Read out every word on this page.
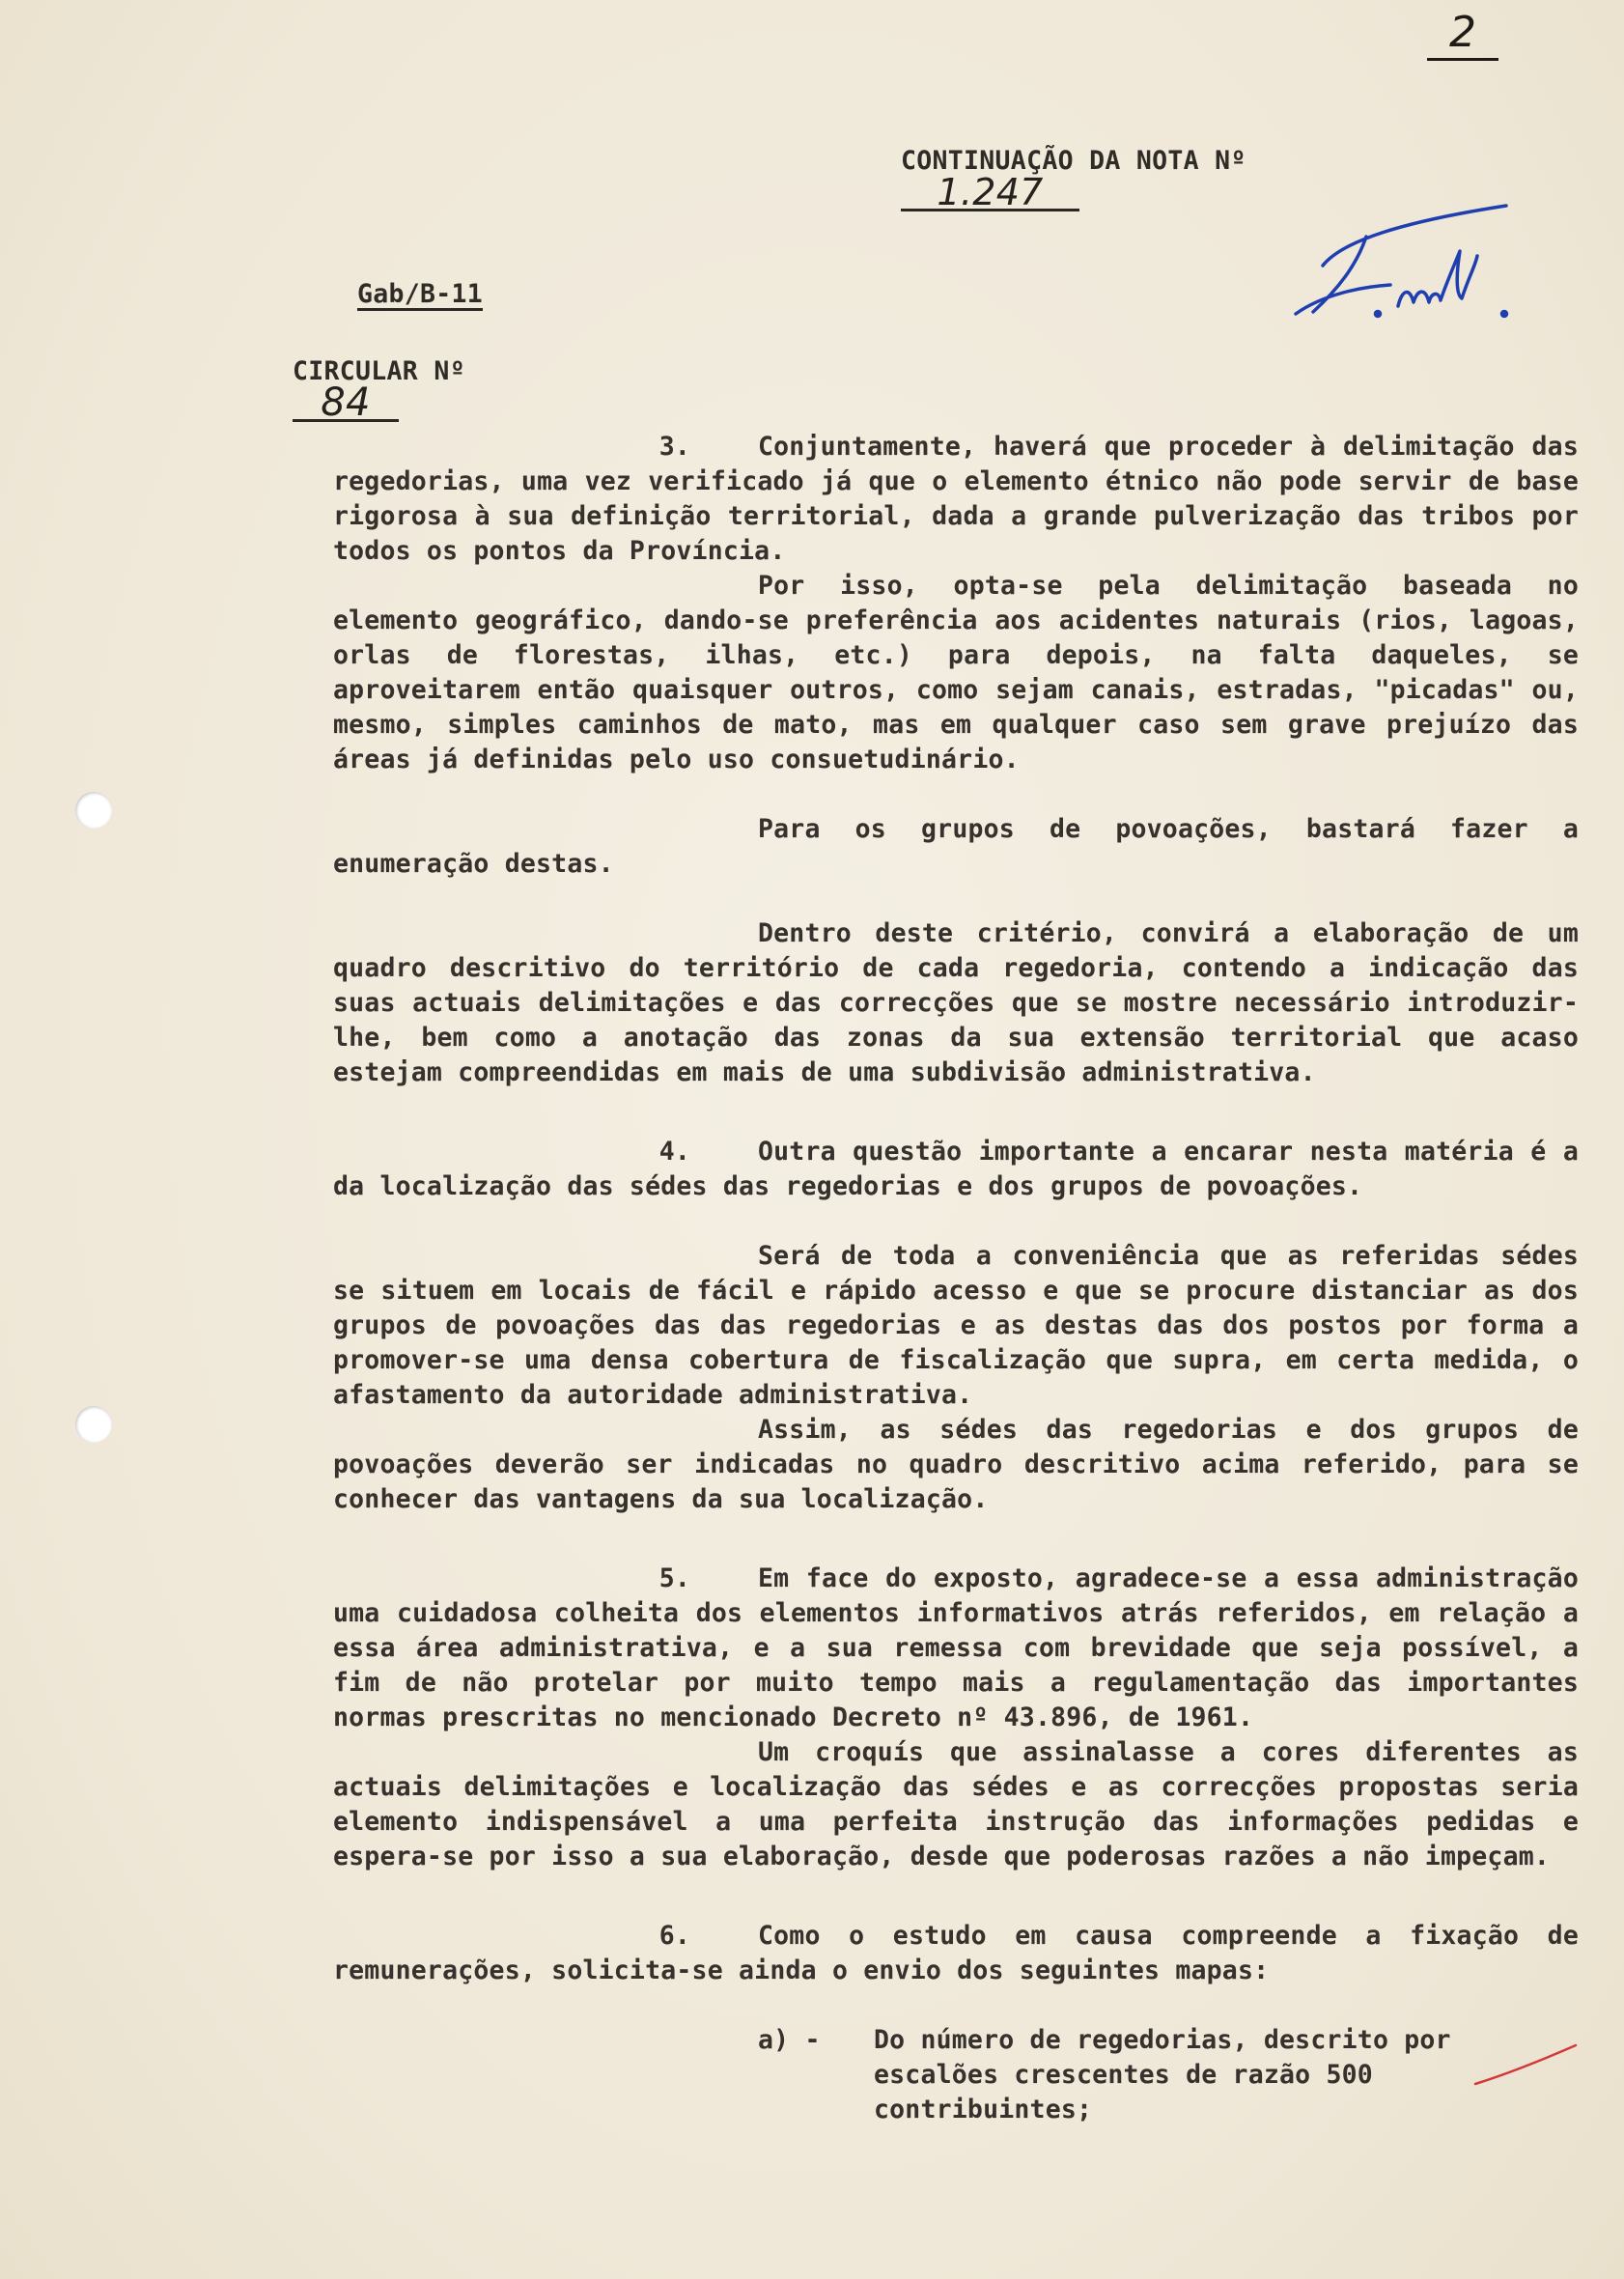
2

CONTINUAÇÃO DA NOTA Nº
1.247

Gab/B-11

CIRCULAR Nº
84

3.	Conjuntamente, haverá que proceder à delimitação das regedorias, uma vez verificado já que o elemento étnico não pode servir de base rigorosa à sua definição territorial, dada a grande pulverização das tribos por todos os pontos da Província.

Por isso, opta-se pela delimitação baseada no elemento geográfico, dando-se preferência aos acidentes naturais (rios, lagoas, orlas de florestas, ilhas, etc.) para depois, na falta daqueles, se aproveitarem então quaisquer outros, como sejam canais, estradas, "picadas" ou, mesmo, simples caminhos de mato, mas em qualquer caso sem grave prejuízo das áreas já definidas pelo uso consuetudinário.

Para os grupos de povoações, bastará fazer a enumeração destas.

Dentro deste critério, convirá a elaboração de um quadro descritivo do território de cada regedoria, contendo a indicação das suas actuais delimitações e das correcções que se mostre necessário introduzir-lhe, bem como a anotação das zonas da sua extensão territorial que acaso estejam compreendidas em mais de uma subdivisão administrativa.

4.	Outra questão importante a encarar nesta matéria é a da localização das sédes das regedorias e dos grupos de povoações.

Será de toda a conveniência que as referidas sédes se situem em locais de fácil e rápido acesso e que se procure distanciar as dos grupos de povoações das das regedorias e as destas das dos postos por forma a promover-se uma densa cobertura de fiscalização que supra, em certa medida, o afastamento da autoridade administrativa.

Assim, as sédes das regedorias e dos grupos de povoações deverão ser indicadas no quadro descritivo acima referido, para se conhecer das vantagens da sua localização.

5.	Em face do exposto, agradece-se a essa administração uma cuidadosa colheita dos elementos informativos atrás referidos, em relação a essa área administrativa, e a sua remessa com brevidade que seja possível, a fim de não protelar por muito tempo mais a regulamentação das importantes normas prescritas no mencionado Decreto nº 43.896, de 1961.

Um croquís que assinalasse a cores diferentes as actuais delimitações e localização das sédes e as correcções propostas seria elemento indispensável a uma perfeita instrução das informações pedidas e espera-se por isso a sua elaboração, desde que poderosas razões a não impeçam.

6.	Como o estudo em causa compreende a fixação de remunerações, solicita-se ainda o envio dos seguintes mapas:

a) -	Do número de regedorias, descrito por escalões crescentes de razão 500 contribuintes;
